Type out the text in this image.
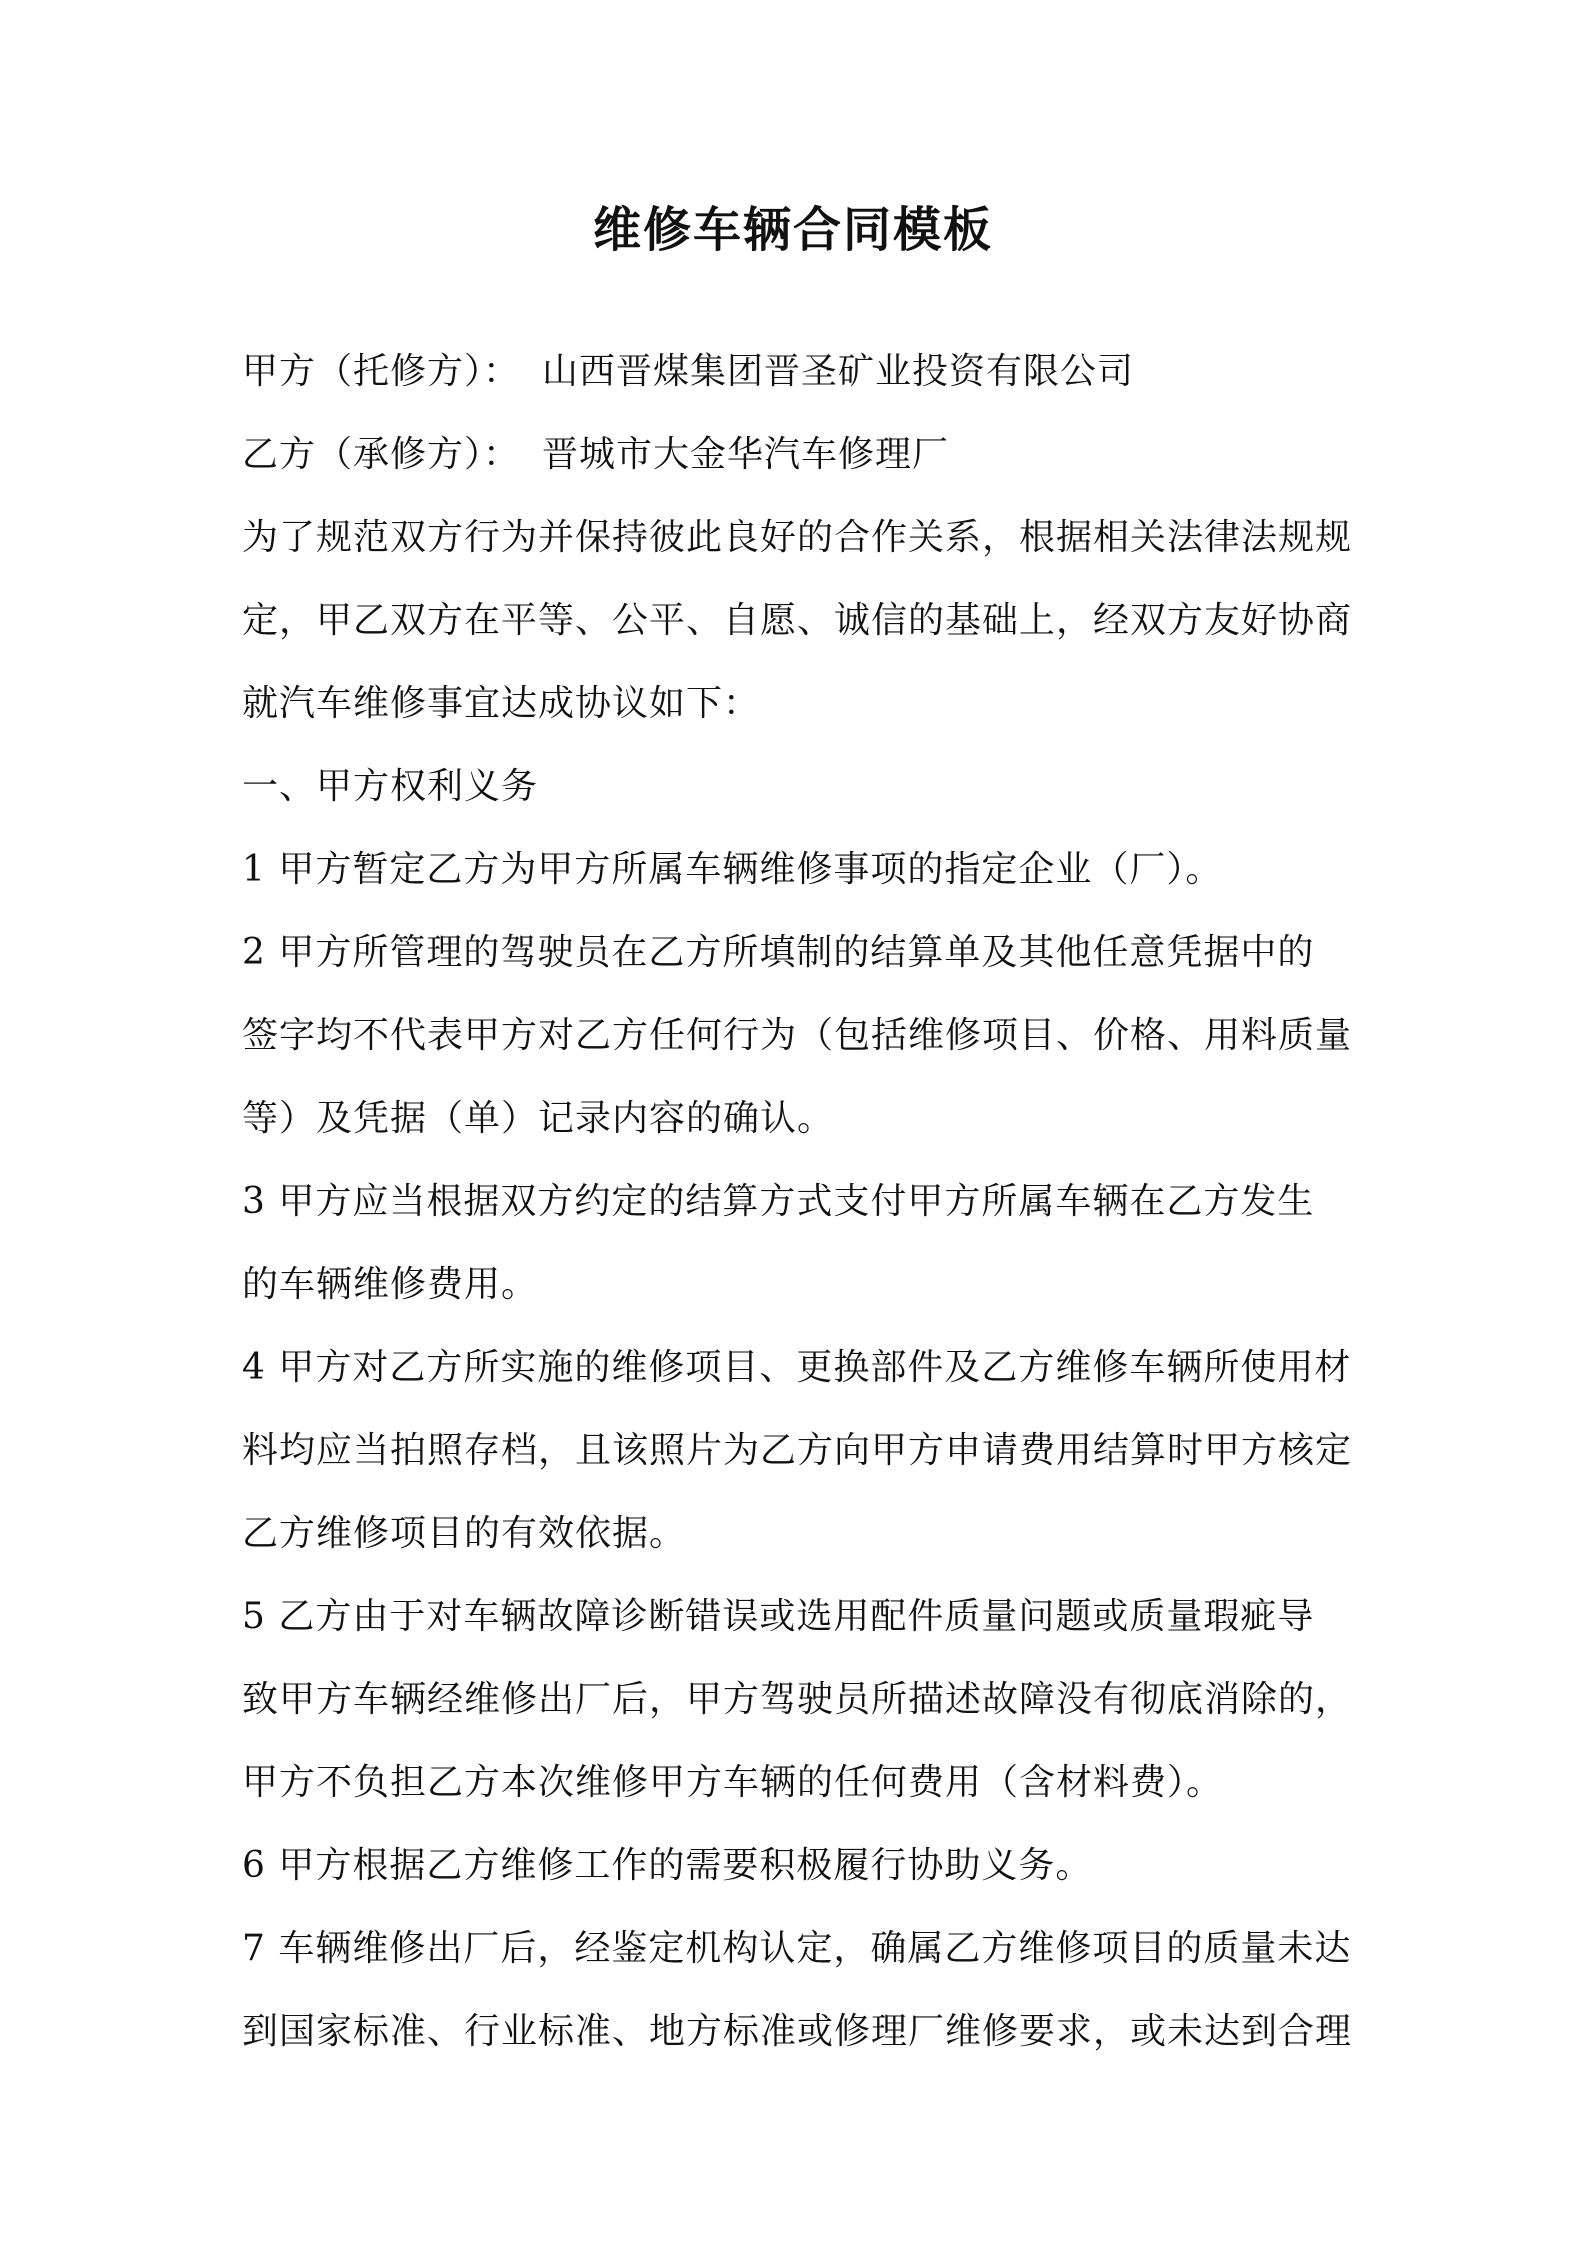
维修车辆合同模板

甲方（托修方）： 山西晋煤集团晋圣矿业投资有限公司

乙方（承修方）： 晋城市大金华汽车修理厂

为了规范双方行为并保持彼此良好的合作关系，根据相关法律法规规

定，甲乙双方在平等、公平、自愿、诚信的基础上，经双方友好协商

就汽车维修事宜达成协议如下：

一、甲方权利义务

1 甲方暂定乙方为甲方所属车辆维修事项的指定企业（厂）。

2 甲方所管理的驾驶员在乙方所填制的结算单及其他任意凭据中的

签字均不代表甲方对乙方任何行为（包括维修项目、价格、用料质量

等）及凭据（单）记录内容的确认。

3 甲方应当根据双方约定的结算方式支付甲方所属车辆在乙方发生

的车辆维修费用。

4 甲方对乙方所实施的维修项目、更换部件及乙方维修车辆所使用材

料均应当拍照存档，且该照片为乙方向甲方申请费用结算时甲方核定

乙方维修项目的有效依据。

5 乙方由于对车辆故障诊断错误或选用配件质量问题或质量瑕疵导

致甲方车辆经维修出厂后，甲方驾驶员所描述故障没有彻底消除的，

甲方不负担乙方本次维修甲方车辆的任何费用（含材料费）。

6 甲方根据乙方维修工作的需要积极履行协助义务。

7 车辆维修出厂后，经鉴定机构认定，确属乙方维修项目的质量未达

到国家标准、行业标准、地方标准或修理厂维修要求，或未达到合理
